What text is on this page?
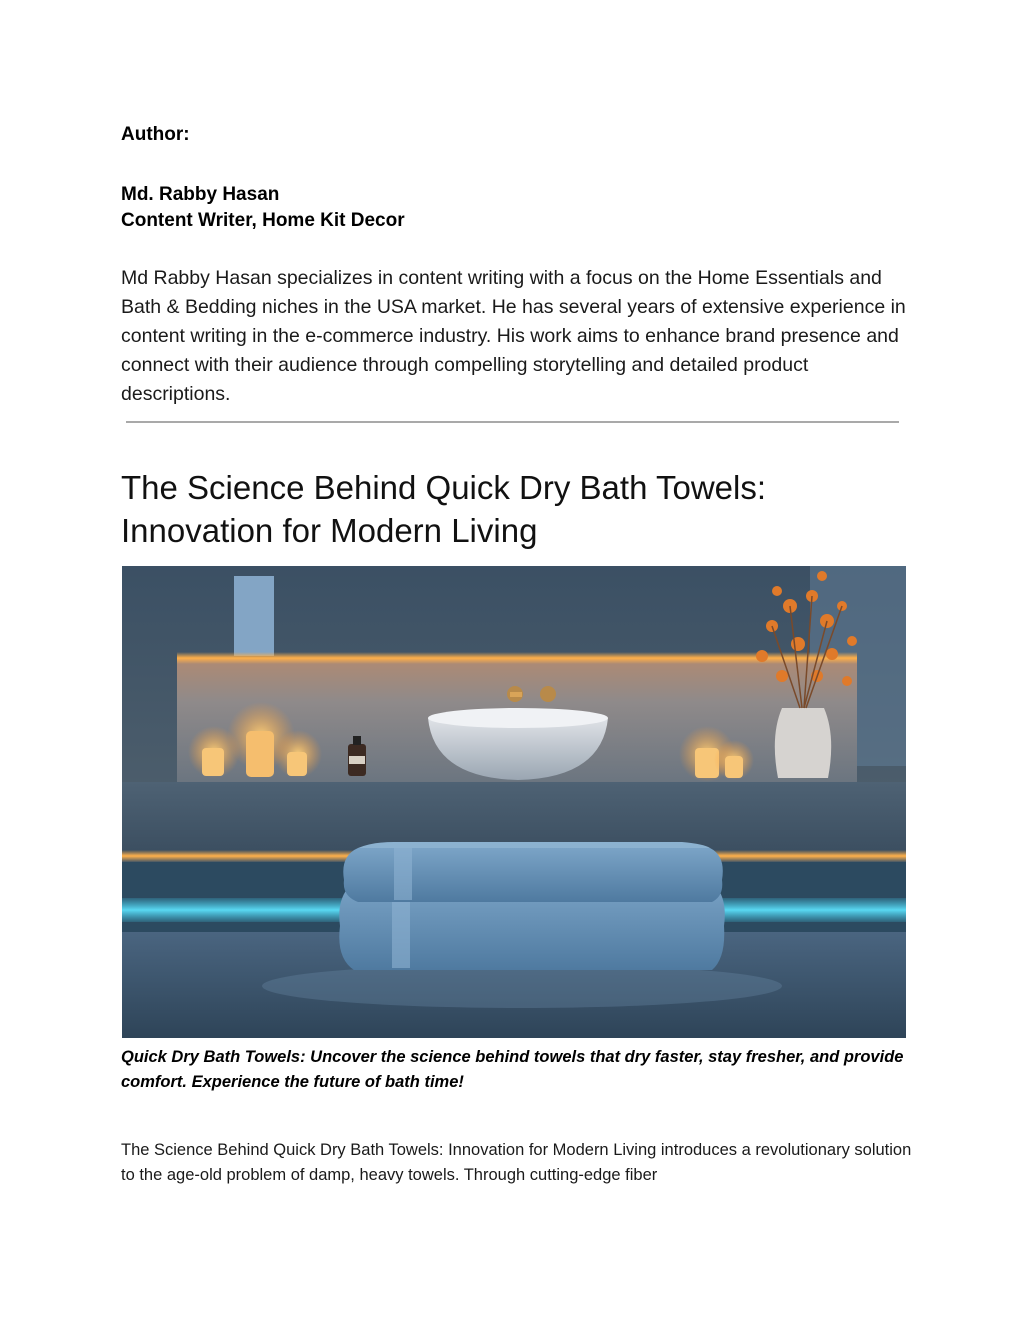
Author:
Md. Rabby Hasan
Content Writer, Home Kit Decor
Md Rabby Hasan specializes in content writing with a focus on the Home Essentials and Bath & Bedding niches in the USA market. He has several years of extensive experience in content writing in the e-commerce industry. His work aims to enhance brand presence and connect with their audience through compelling storytelling and detailed product descriptions.
The Science Behind Quick Dry Bath Towels: Innovation for Modern Living
Quick Dry Bath Towels: Uncover the science behind towels that dry faster, stay fresher, and provide comfort. Experience the future of bath time!
The Science Behind Quick Dry Bath Towels: Innovation for Modern Living introduces a revolutionary solution to the age-old problem of damp, heavy towels. Through cutting-edge fiber
